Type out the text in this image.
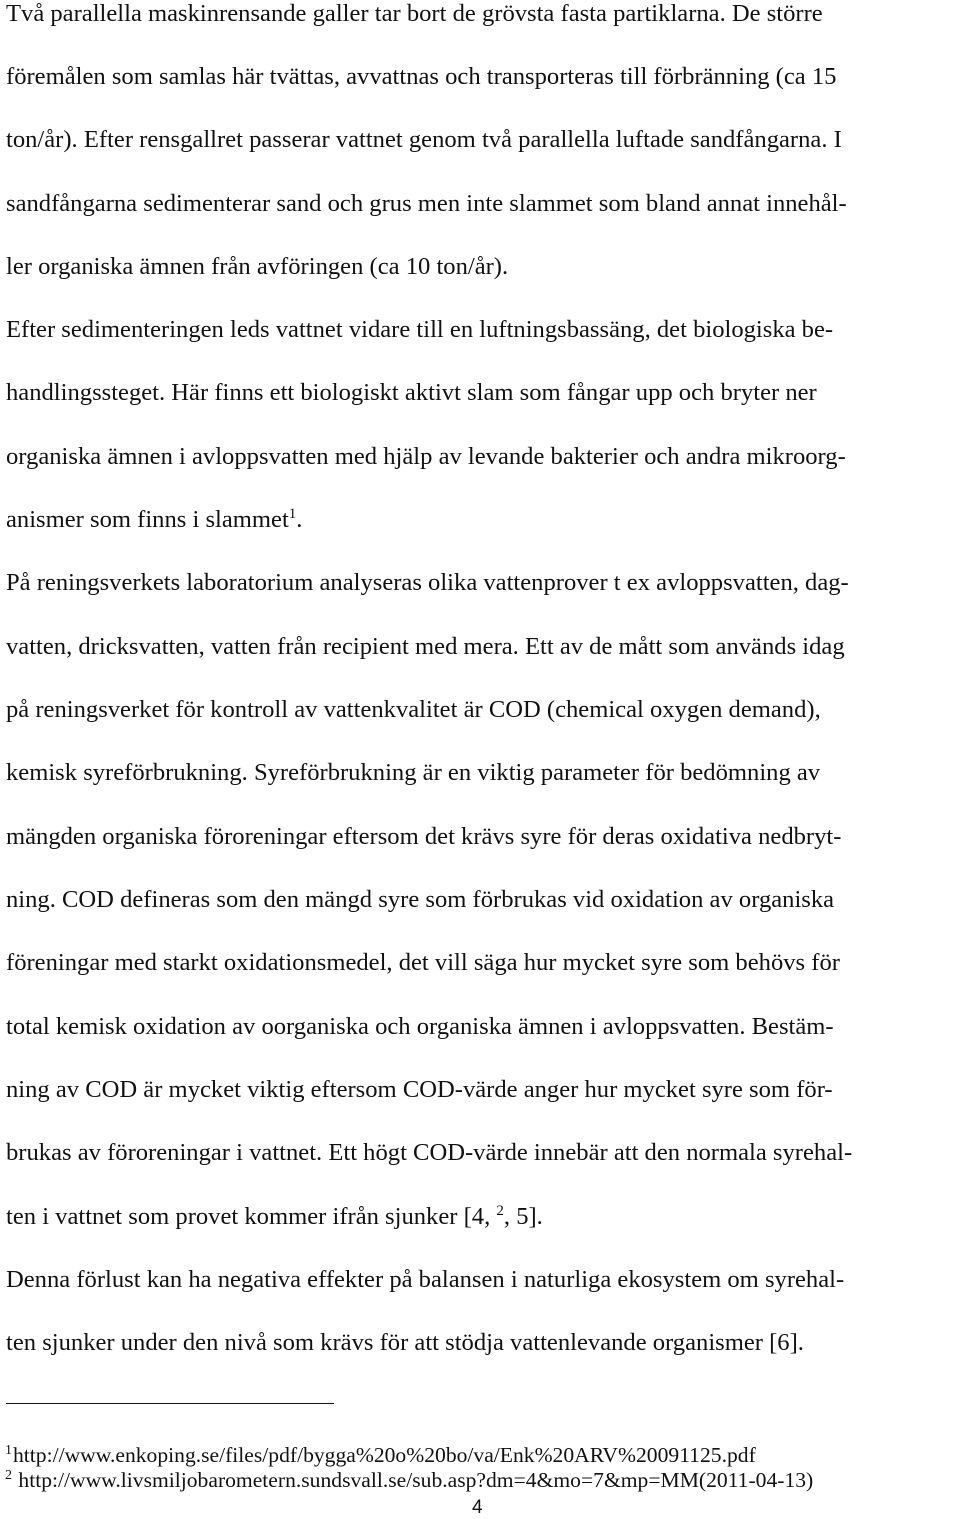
Två parallella maskinrensande galler tar bort de grövsta fasta partiklarna. De större

föremålen som samlas här tvättas, avvattnas och transporteras till förbränning (ca 15

ton/år). Efter rensgallret passerar vattnet genom två parallella luftade sandfångarna. I

sandfångarna sedimenterar sand och grus men inte slammet som bland annat innehål-

ler organiska ämnen från avföringen (ca 10 ton/år).

Efter sedimenteringen leds vattnet vidare till en luftningsbassäng, det biologiska be-

handlingssteget. Här finns ett biologiskt aktivt slam som fångar upp och bryter ner

organiska ämnen i avloppsvatten med hjälp av levande bakterier och andra mikroorg-

anismer som finns i slammet$^1$.

På reningsverkets laboratorium analyseras olika vattenprover t ex avloppsvatten, dag-

vatten, dricksvatten, vatten från recipient med mera. Ett av de mått som används idag

på reningsverket för kontroll av vattenkvalitet är COD (chemical oxygen demand),

kemisk syreförbrukning. Syreförbrukning är en viktig parameter för bedömning av

mängden organiska föroreningar eftersom det krävs syre för deras oxidativa nedbryt-

ning. COD defineras som den mängd syre som förbrukas vid oxidation av organiska

föreningar med starkt oxidationsmedel, det vill säga hur mycket syre som behövs för

total kemisk oxidation av oorganiska och organiska ämnen i avloppsvatten. Bestäm-

ning av COD är mycket viktig eftersom COD-värde anger hur mycket syre som för-

brukas av föroreningar i vattnet. Ett högt COD-värde innebär att den normala syrehal-

ten i vattnet som provet kommer ifrån sjunker [4, $^2$, 5].

Denna förlust kan ha negativa effekter på balansen i naturliga ekosystem om syrehal-

ten sjunker under den nivå som krävs för att stödja vattenlevande organismer [6].

$^1$http://www.enkoping.se/files/pdf/bygga%20o%20bo/va/Enk%20ARV%20091125.pdf

$^2$ http://www.livsmiljobarometern.sundsvall.se/sub.asp?dm=4&mo=7&mp=MM(2011-04-13)

4
